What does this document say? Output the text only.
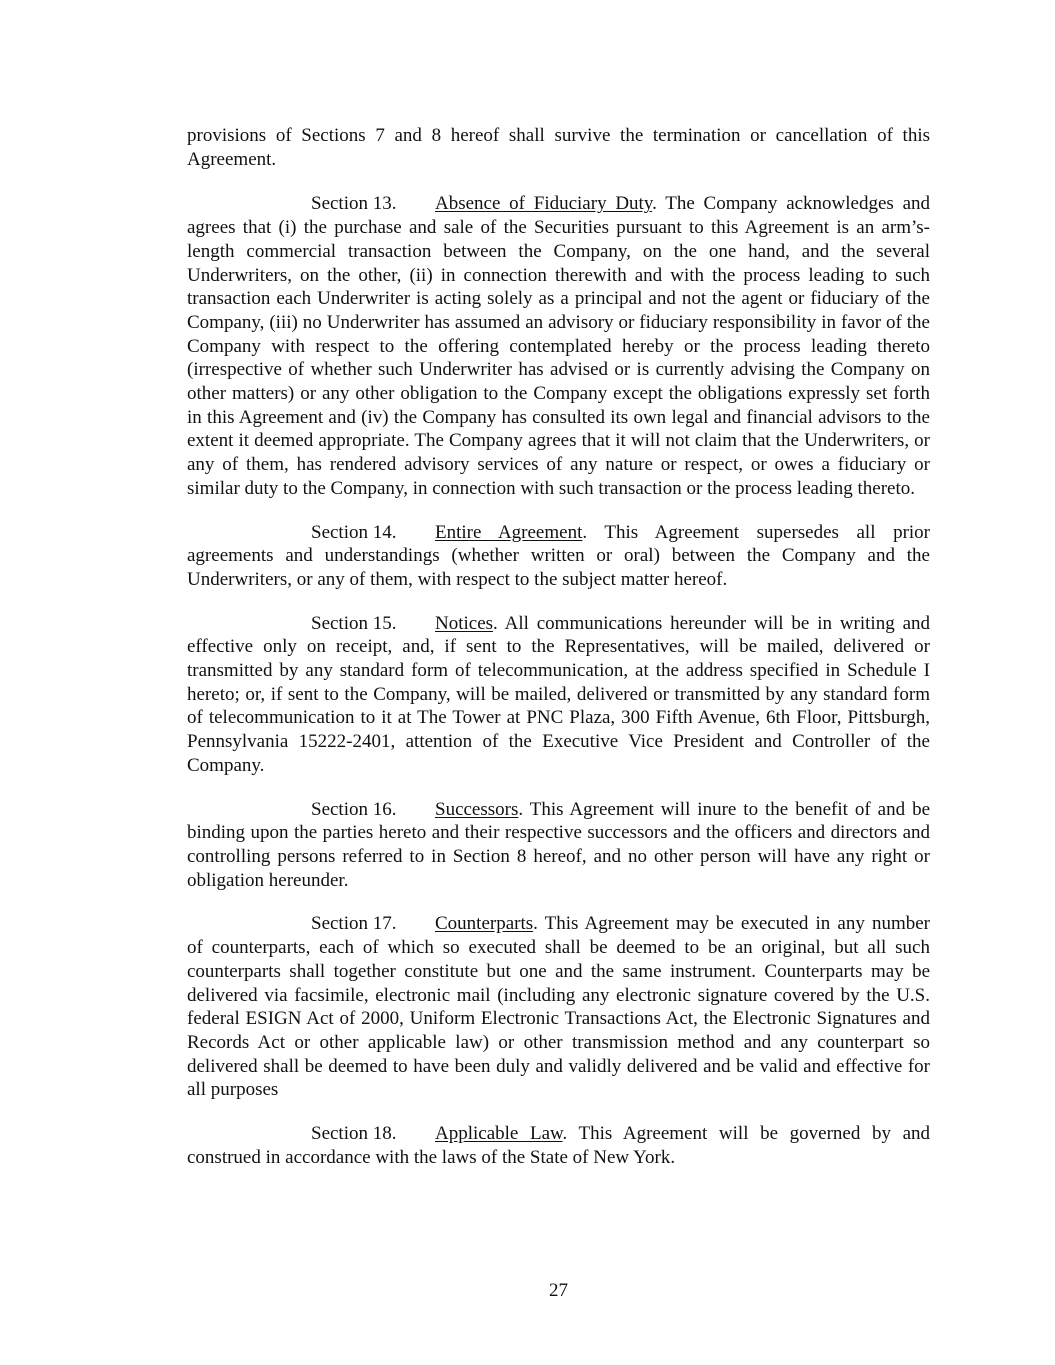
provisions of Sections 7 and 8 hereof shall survive the termination or cancellation of this Agreement.

Section 13. Absence of Fiduciary Duty. The Company acknowledges and agrees that (i) the purchase and sale of the Securities pursuant to this Agreement is an arm’s-length commercial transaction between the Company, on the one hand, and the several Underwriters, on the other, (ii) in connection therewith and with the process leading to such transaction each Underwriter is acting solely as a principal and not the agent or fiduciary of the Company, (iii) no Underwriter has assumed an advisory or fiduciary responsibility in favor of the Company with respect to the offering contemplated hereby or the process leading thereto (irrespective of whether such Underwriter has advised or is currently advising the Company on other matters) or any other obligation to the Company except the obligations expressly set forth in this Agreement and (iv) the Company has consulted its own legal and financial advisors to the extent it deemed appropriate. The Company agrees that it will not claim that the Underwriters, or any of them, has rendered advisory services of any nature or respect, or owes a fiduciary or similar duty to the Company, in connection with such transaction or the process leading thereto.

Section 14. Entire Agreement. This Agreement supersedes all prior agreements and understandings (whether written or oral) between the Company and the Underwriters, or any of them, with respect to the subject matter hereof.

Section 15. Notices. All communications hereunder will be in writing and effective only on receipt, and, if sent to the Representatives, will be mailed, delivered or transmitted by any standard form of telecommunication, at the address specified in Schedule I hereto; or, if sent to the Company, will be mailed, delivered or transmitted by any standard form of telecommunication to it at The Tower at PNC Plaza, 300 Fifth Avenue, 6th Floor, Pittsburgh, Pennsylvania 15222-2401, attention of the Executive Vice President and Controller of the Company.

Section 16. Successors. This Agreement will inure to the benefit of and be binding upon the parties hereto and their respective successors and the officers and directors and controlling persons referred to in Section 8 hereof, and no other person will have any right or obligation hereunder.

Section 17. Counterparts. This Agreement may be executed in any number of counterparts, each of which so executed shall be deemed to be an original, but all such counterparts shall together constitute but one and the same instrument. Counterparts may be delivered via facsimile, electronic mail (including any electronic signature covered by the U.S. federal ESIGN Act of 2000, Uniform Electronic Transactions Act, the Electronic Signatures and Records Act or other applicable law) or other transmission method and any counterpart so delivered shall be deemed to have been duly and validly delivered and be valid and effective for all purposes

Section 18. Applicable Law. This Agreement will be governed by and construed in accordance with the laws of the State of New York.

27
